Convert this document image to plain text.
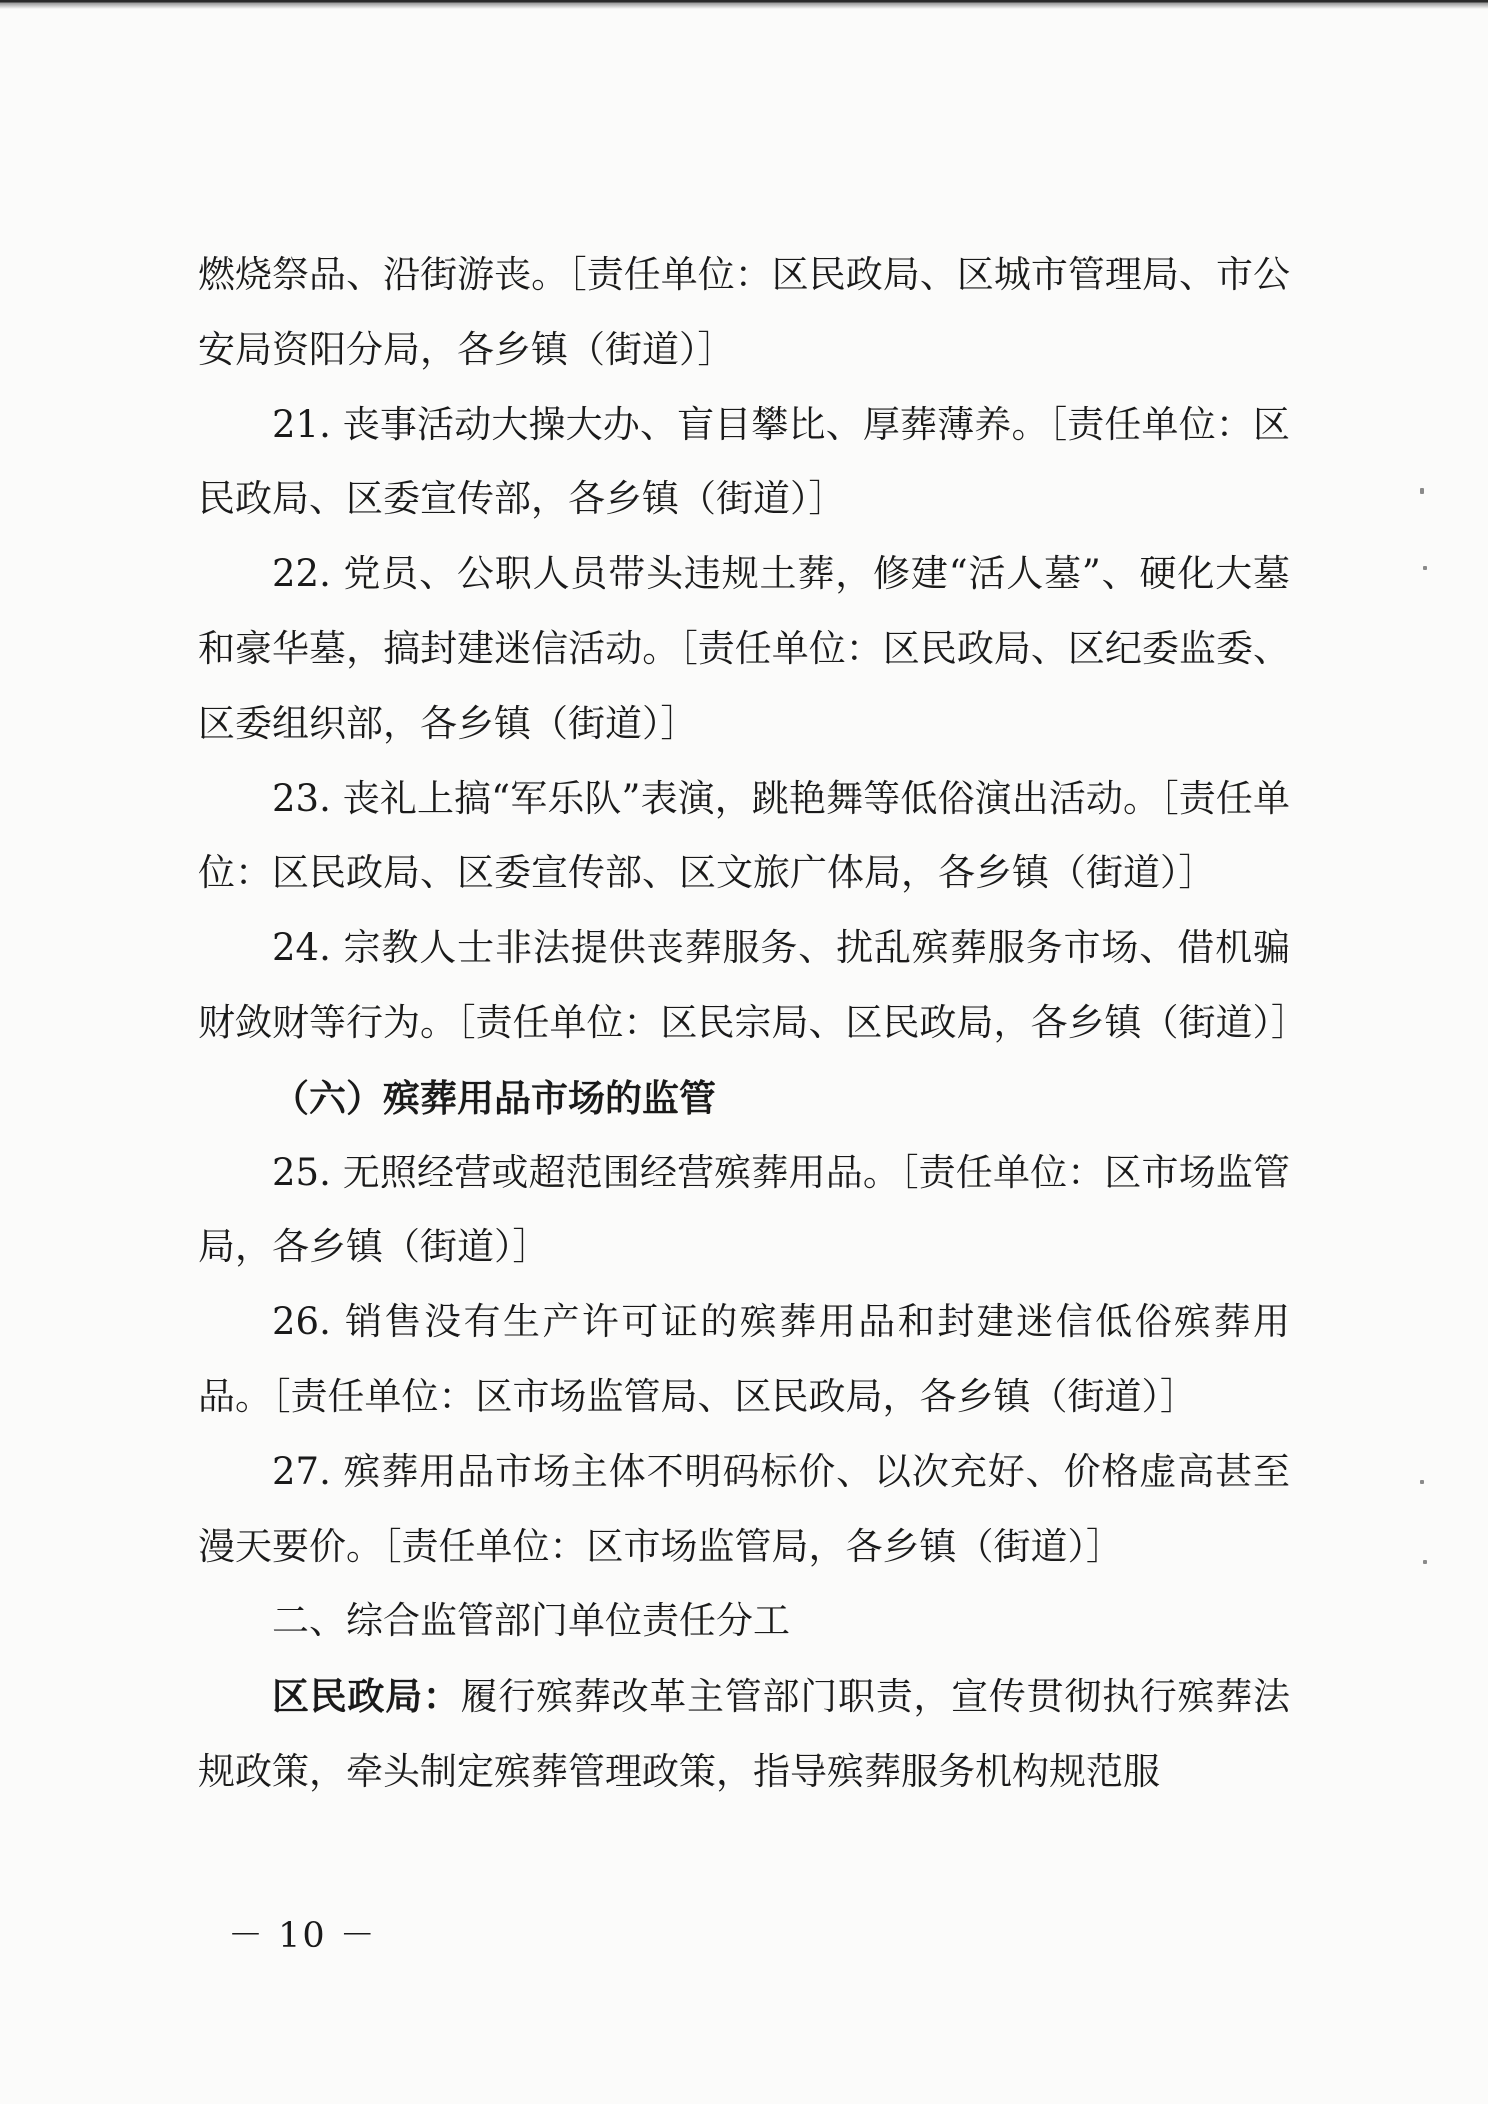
燃烧祭品、沿街游丧。［责任单位：区民政局、区城市管理局、市公安局资阳分局，各乡镇（街道）］

21. 丧事活动大操大办、盲目攀比、厚葬薄养。［责任单位：区民政局、区委宣传部，各乡镇（街道）］

22. 党员、公职人员带头违规土葬，修建“活人墓”、硬化大墓和豪华墓，搞封建迷信活动。［责任单位：区民政局、区纪委监委、区委组织部，各乡镇（街道）］

23. 丧礼上搞“军乐队”表演，跳艳舞等低俗演出活动。［责任单位：区民政局、区委宣传部、区文旅广体局，各乡镇（街道）］

24. 宗教人士非法提供丧葬服务、扰乱殡葬服务市场、借机骗财敛财等行为。［责任单位：区民宗局、区民政局，各乡镇（街道）］

（六）殡葬用品市场的监管

25. 无照经营或超范围经营殡葬用品。［责任单位：区市场监管局，各乡镇（街道）］

26. 销售没有生产许可证的殡葬用品和封建迷信低俗殡葬用品。［责任单位：区市场监管局、区民政局，各乡镇（街道）］

27. 殡葬用品市场主体不明码标价、以次充好、价格虚高甚至漫天要价。［责任单位：区市场监管局，各乡镇（街道）］

二、综合监管部门单位责任分工

区民政局：履行殡葬改革主管部门职责，宣传贯彻执行殡葬法规政策，牵头制定殡葬管理政策，指导殡葬服务机构规范服

－ 10 －
